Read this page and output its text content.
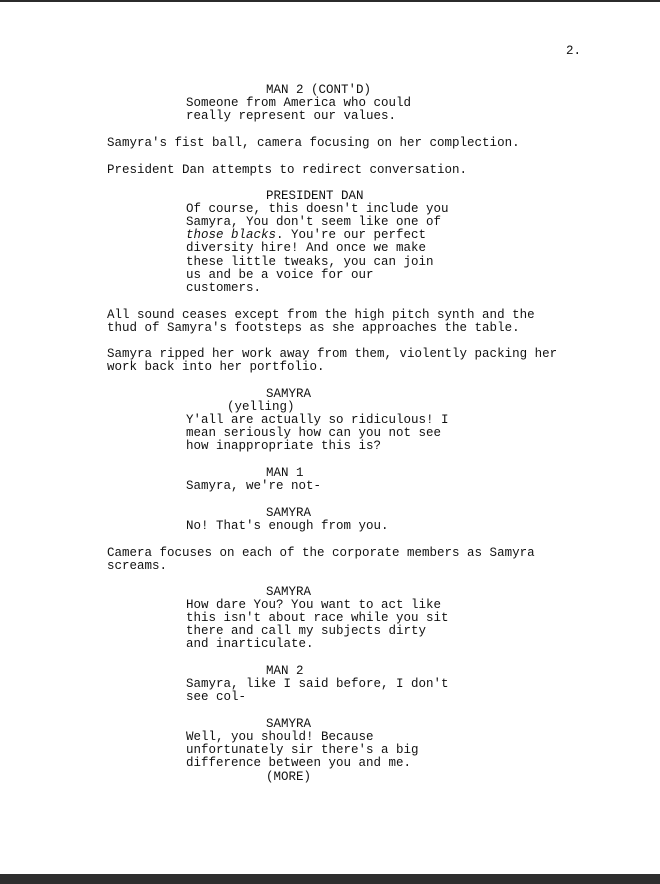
2.
MAN 2 (CONT'D)
Someone from America who could
really represent our values.
Samyra's fist ball, camera focusing on her complection.
President Dan attempts to redirect conversation.
PRESIDENT DAN
Of course, this doesn't include you
Samyra, You don't seem like one of
those blacks. You're our perfect
diversity hire! And once we make
these little tweaks, you can join
us and be a voice for our
customers.
All sound ceases except from the high pitch synth and the
thud of Samyra's footsteps as she approaches the table.
Samyra ripped her work away from them, violently packing her
work back into her portfolio.
SAMYRA
(yelling)
Y'all are actually so ridiculous! I
mean seriously how can you not see
how inappropriate this is?
MAN 1
Samyra, we're not-
SAMYRA
No! That's enough from you.
Camera focuses on each of the corporate members as Samyra
screams.
SAMYRA
How dare You? You want to act like
this isn't about race while you sit
there and call my subjects dirty
and inarticulate.
MAN 2
Samyra, like I said before, I don't
see col-
SAMYRA
Well, you should! Because
unfortunately sir there's a big
difference between you and me.
(MORE)
